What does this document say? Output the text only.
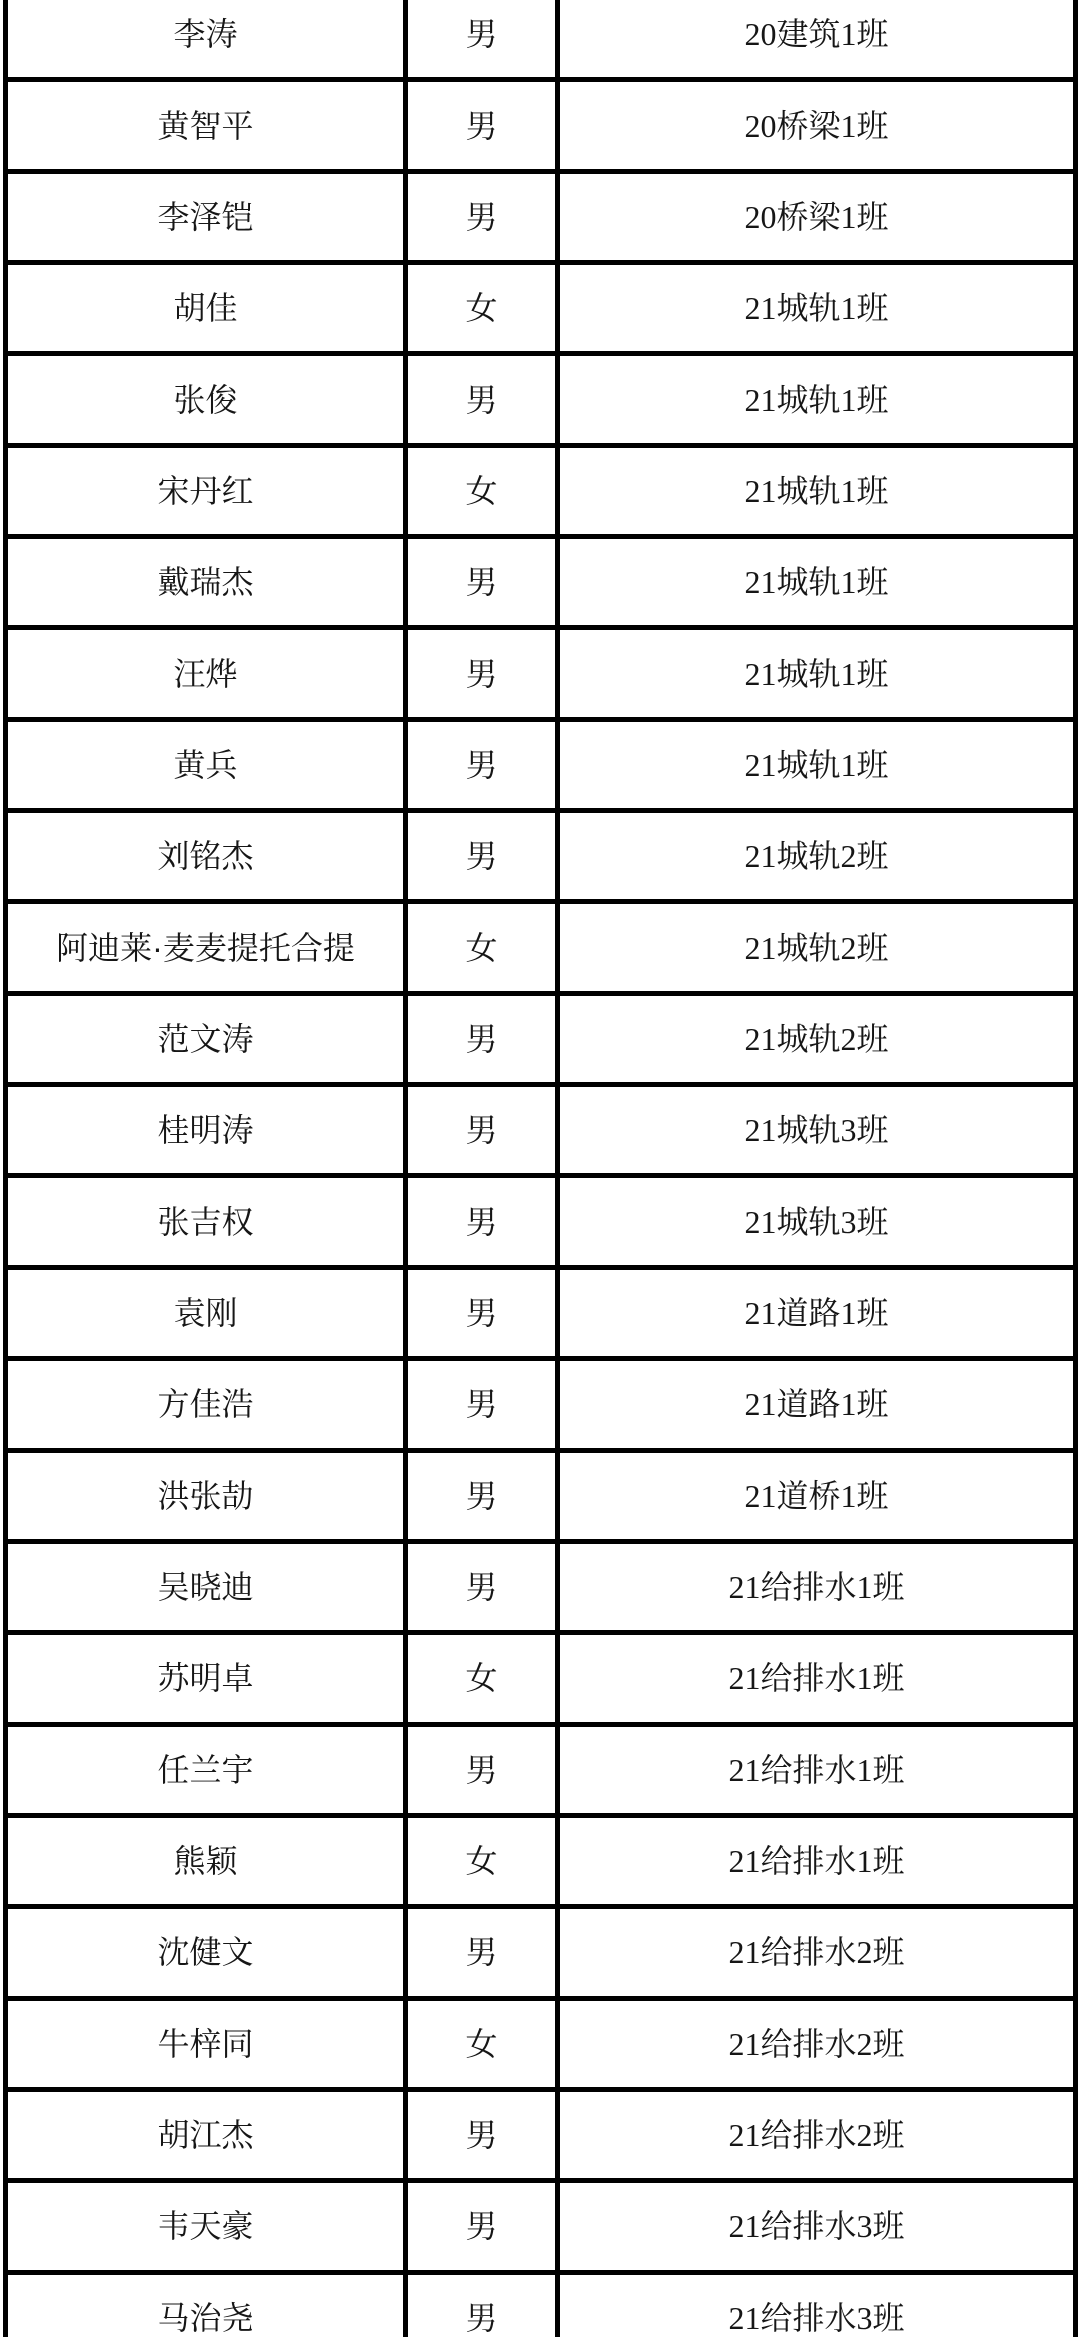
李涛	男	20建筑1班
黄智平	男	20桥梁1班
李泽铠	男	20桥梁1班
胡佳	女	21城轨1班
张俊	男	21城轨1班
宋丹红	女	21城轨1班
戴瑞杰	男	21城轨1班
汪烨	男	21城轨1班
黄兵	男	21城轨1班
刘铭杰	男	21城轨2班
阿迪莱·麦麦提托合提	女	21城轨2班
范文涛	男	21城轨2班
桂明涛	男	21城轨3班
张吉权	男	21城轨3班
袁刚	男	21道路1班
方佳浩	男	21道路1班
洪张劼	男	21道桥1班
吴晓迪	男	21给排水1班
苏明卓	女	21给排水1班
任兰宇	男	21给排水1班
熊颖	女	21给排水1班
沈健文	男	21给排水2班
牛梓同	女	21给排水2班
胡江杰	男	21给排水2班
韦天豪	男	21给排水3班
马治尧	男	21给排水3班
